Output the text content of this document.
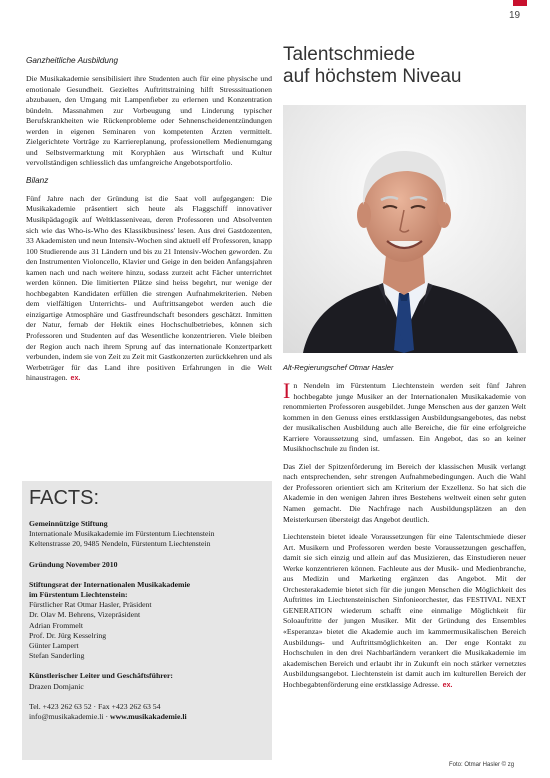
19
Ganzheitliche Ausbildung

Die Musikakademie sensibilisiert ihre Studenten auch für eine physische und emotionale Gesundheit. Gezieltes Auftrittstraining hilft Stresssituationen abzubauen, den Umgang mit Lampenfieber zu erlernen und Konzentration bündeln. Massnahmen zur Vorbeugung und Linderung typischer Berufskrankheiten wie Rückenprobleme oder Sehnenscheidenentzündungen werden in eigenen Seminaren von kompetenten Ärzten vermittelt. Zielgerichtete Vorträge zu Karriereplanung, professionellem Medienumgang und Selbstvermarktung mit Koryphäen aus Wirtschaft und Kultur vervollständigen schliesslich das umfangreiche Angebotsportfolio.

Bilanz

Fünf Jahre nach der Gründung ist die Saat voll aufgegangen: Die Musikakademie präsentiert sich heute als Flaggschiff innovativer Musikpädagogik auf Weltklasseniveau, deren Professoren und Absolventen sich wie das Who-is-Who des Klassikbusiness' lesen. Aus drei Gastdozenten, 33 Akademisten und neun Intensiv-Wochen sind aktuell elf Professoren, knapp 100 Studierende aus 31 Ländern und bis zu 21 Intensiv-Wochen geworden. Zu den Instrumenten Violoncello, Klavier und Geige in den beiden Anfangsjahren kamen nach und nach weitere hinzu, sodass zurzeit acht Fächer unterrichtet werden können. Die limitierten Plätze sind heiss begehrt, nur wenige der hochbegabten Kandidaten erfüllen die strengen Aufnahmekriterien. Neben dem vielfältigen Unterrichts- und Auftrittsangebot werden auch die einzigartige Atmosphäre und Gastfreundschaft besonders geschätzt. Inmitten der Natur, fernab der Hektik eines Hochschulbetriebes, können sich Professoren und Studenten auf das Wesentliche konzentrieren. Viele bleiben der Region auch nach ihrem Sprung auf das internationale Konzertparkett verbunden, indem sie von Zeit zu Zeit mit Gastkonzerten zurückkehren und als Werbeträger für das Land ihre positiven Erfahrungen in die Welt hinaustragen. ex.

FACTS:
Gemeinnützige Stiftung
Internationale Musikakademie im Fürstentum Liechtenstein
Keltenstrasse 20, 9485 Nendeln, Fürstentum Liechtenstein
Gründung November 2010
Stiftungsrat der Internationalen Musikakademie
im Fürstentum Liechtenstein:
Fürstlicher Rat Otmar Hasler, Präsident
Dr. Olav M. Behrens, Vizepräsident
Adrian Frommelt
Prof. Dr. Jürg Kesselring
Günter Lampert
Stefan Sanderling
Künstlerischer Leiter und Geschäftsführer:
Drazen Domjanic
Tel. +423 262 63 52 · Fax +423 262 63 54
info@musikakademie.li · www.musikakademie.li
Talentschmiede
auf höchstem Niveau
Alt-Regierungschef Otmar Hasler

In Nendeln im Fürstentum Liechtenstein werden seit fünf Jahren hochbegabte junge Musiker an der Internationalen Musikakademie von renommierten Professoren ausgebildet. Junge Menschen aus der ganzen Welt kommen in den Genuss eines erstklassigen Ausbildungsangebotes, das nebst der musikalischen Ausbildung auch alle Bereiche, die für eine erfolgreiche Karriere Voraussetzung sind, umfassen. Ein Angebot, das so an keiner Musikhochschule zu finden ist.

Das Ziel der Spitzenförderung im Bereich der klassischen Musik verlangt nach entsprechenden, sehr strengen Aufnahmebedingungen. Auch die Wahl der Professoren orientiert sich am Kriterium der Exzellenz. So hat sich die Akademie in den wenigen Jahren ihres Bestehens weltweit einen sehr guten Namen gemacht. Die Nachfrage nach Ausbildungsplätzen an den Meisterkursen übersteigt das Angebot deutlich.

Liechtenstein bietet ideale Voraussetzungen für eine Talentschmiede dieser Art. Musikern und Professoren werden beste Voraussetzungen geschaffen, damit sie sich einzig und allein auf das Musizieren, das Einstudieren neuer Werke konzentrieren können. Fachleute aus der Musik- und Medienbranche, aus Medizin und Marketing ergänzen das Angebot. Mit der Orchesterakademie bietet sich für die jungen Menschen die Möglichkeit des Auftrittes im Liechtensteinischen Sinfonieorchester, das FESTIVAL NEXT GENERATION wiederum schafft eine einmalige Möglichkeit für Soloauftritte der jungen Musiker. Mit der Gründung des Ensembles «Esperanza» bietet die Akademie auch im kammermusikalischen Bereich Ausbildungs- und Auftrittsmöglichkeiten an. Der enge Kontakt zu Hochschulen in den drei Nachbarländern verankert die Musikakademie im akademischen Bereich und erlaubt ihr in Zukunft ein noch stärker vernetztes Ausbildungsangebot. Liechtenstein ist damit auch im kulturellen Bereich der Hochbegabtenförderung eine erstklassige Adresse. ex.

Foto: Otmar Hasler © zg
